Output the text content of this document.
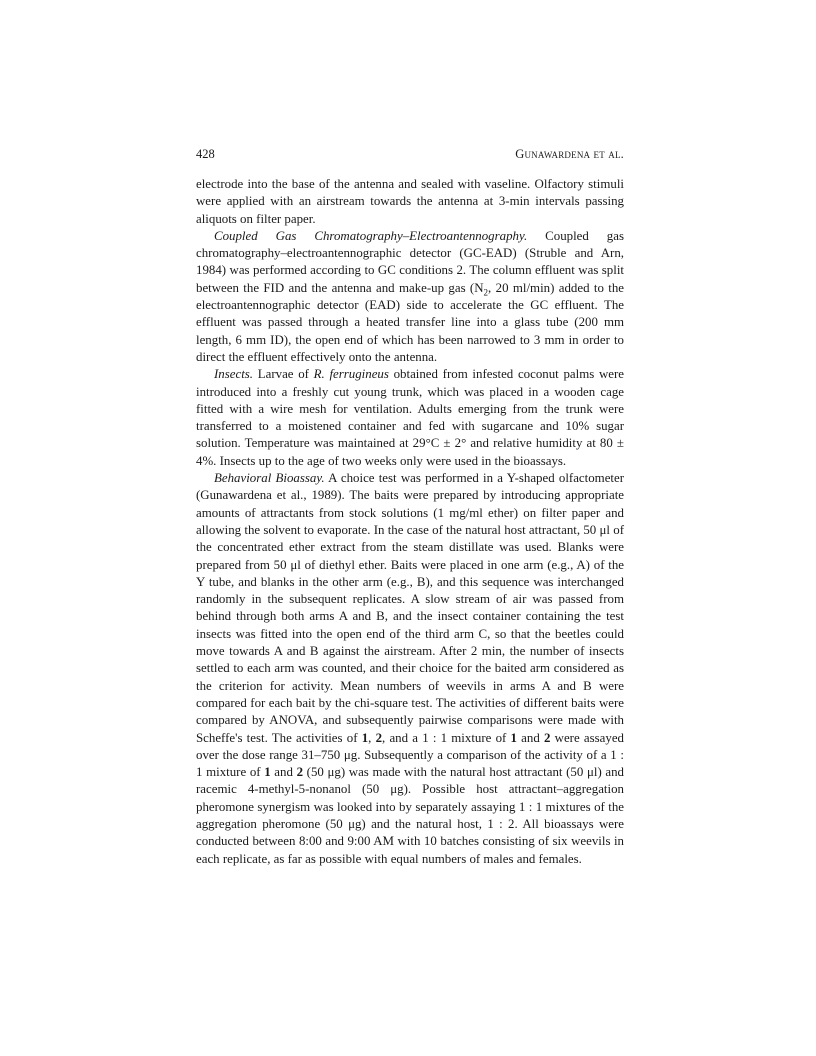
428	Gunawardena et al.

electrode into the base of the antenna and sealed with vaseline. Olfactory stimuli were applied with an airstream towards the antenna at 3-min intervals passing aliquots on filter paper.

Coupled Gas Chromatography–Electroantennography. Coupled gas chromatography–electroantennographic detector (GC-EAD) (Struble and Arn, 1984) was performed according to GC conditions 2. The column effluent was split between the FID and the antenna and make-up gas ($N_2$, 20 ml/min) added to the electroantennographic detector (EAD) side to accelerate the GC effluent. The effluent was passed through a heated transfer line into a glass tube (200 mm length, 6 mm ID), the open end of which has been narrowed to 3 mm in order to direct the effluent effectively onto the antenna.

Insects. Larvae of R. ferrugineus obtained from infested coconut palms were introduced into a freshly cut young trunk, which was placed in a wooden cage fitted with a wire mesh for ventilation. Adults emerging from the trunk were transferred to a moistened container and fed with sugarcane and 10% sugar solution. Temperature was maintained at 29°C ± 2° and relative humidity at 80 ± 4%. Insects up to the age of two weeks only were used in the bioassays.

Behavioral Bioassay. A choice test was performed in a Y-shaped olfactometer (Gunawardena et al., 1989). The baits were prepared by introducing appropriate amounts of attractants from stock solutions (1 mg/ml ether) on filter paper and allowing the solvent to evaporate. In the case of the natural host attractant, 50 μl of the concentrated ether extract from the steam distillate was used. Blanks were prepared from 50 μl of diethyl ether. Baits were placed in one arm (e.g., A) of the Y tube, and blanks in the other arm (e.g., B), and this sequence was interchanged randomly in the subsequent replicates. A slow stream of air was passed from behind through both arms A and B, and the insect container containing the test insects was fitted into the open end of the third arm C, so that the beetles could move towards A and B against the airstream. After 2 min, the number of insects settled to each arm was counted, and their choice for the baited arm considered as the criterion for activity. Mean numbers of weevils in arms A and B were compared for each bait by the chi-square test. The activities of different baits were compared by ANOVA, and subsequently pairwise comparisons were made with Scheffe's test. The activities of 1, 2, and a 1 : 1 mixture of 1 and 2 were assayed over the dose range 31–750 μg. Subsequently a comparison of the activity of a 1 : 1 mixture of 1 and 2 (50 μg) was made with the natural host attractant (50 μl) and racemic 4-methyl-5-nonanol (50 μg). Possible host attractant–aggregation pheromone synergism was looked into by separately assaying 1 : 1 mixtures of the aggregation pheromone (50 μg) and the natural host, 1 : 2. All bioassays were conducted between 8:00 and 9:00 AM with 10 batches consisting of six weevils in each replicate, as far as possible with equal numbers of males and females.
